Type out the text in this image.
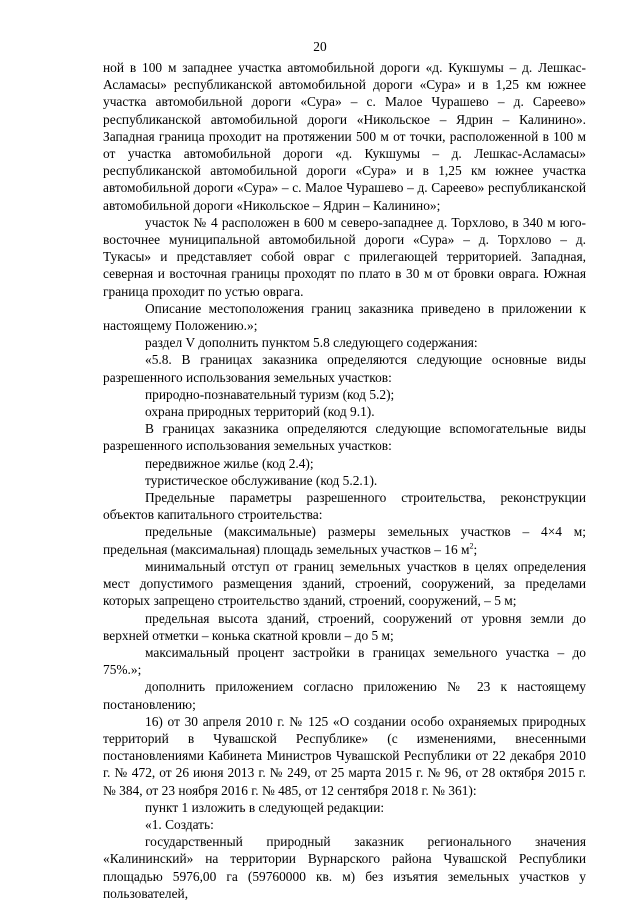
20

ной в 100 м западнее участка автомобильной дороги «д. Кукшумы – д. Лешкас-Асламасы» республиканской автомобильной дороги «Сура» и в 1,25 км южнее участка автомобильной дороги «Сура» – с. Малое Чурашево – д. Сареево» республиканской автомобильной дороги «Никольское – Ядрин – Калинино». Западная граница проходит на протяжении 500 м от точки, расположенной в 100 м от участка автомобильной дороги «д. Кукшумы – д. Лешкас-Асламасы» республиканской автомобильной дороги «Сура» и в 1,25 км южнее участка автомобильной дороги «Сура» – с. Малое Чурашево – д. Сареево» республиканской автомобильной дороги «Никольское – Ядрин – Калинино»;

участок № 4 расположен в 600 м северо-западнее д. Торхлово, в 340 м юго-восточнее муниципальной автомобильной дороги «Сура» – д. Торхлово – д. Тукасы» и представляет собой овраг с прилегающей территорией. Западная, северная и восточная границы проходят по плато в 30 м от бровки оврага. Южная граница проходит по устью оврага.

Описание местоположения границ заказника приведено в приложении к настоящему Положению.»;

раздел V дополнить пунктом 5.8 следующего содержания:

«5.8. В границах заказника определяются следующие основные виды разрешенного использования земельных участков:

природно-познавательный туризм (код 5.2);

охрана природных территорий (код 9.1).

В границах заказника определяются следующие вспомогательные виды разрешенного использования земельных участков:

передвижное жилье (код 2.4);

туристическое обслуживание (код 5.2.1).

Предельные параметры разрешенного строительства, реконструкции объектов капитального строительства:

предельные (максимальные) размеры земельных участков – 4×4 м; предельная (максимальная) площадь земельных участков – 16 $м^2$;

минимальный отступ от границ земельных участков в целях определения мест допустимого размещения зданий, строений, сооружений, за пределами которых запрещено строительство зданий, строений, сооружений, – 5 м;

предельная высота зданий, строений, сооружений от уровня земли до верхней отметки – конька скатной кровли – до 5 м;

максимальный процент застройки в границах земельного участка – до 75%.»;

дополнить приложением согласно приложению № 23 к настоящему постановлению;

16) от 30 апреля 2010 г. № 125 «О создании особо охраняемых природных территорий в Чувашской Республике» (с изменениями, внесенными постановлениями Кабинета Министров Чувашской Республики от 22 декабря 2010 г. № 472, от 26 июня 2013 г. № 249, от 25 марта 2015 г. № 96, от 28 октября 2015 г. № 384, от 23 ноября 2016 г. № 485, от 12 сентября 2018 г. № 361):

пункт 1 изложить в следующей редакции:

«1. Создать:

государственный природный заказник регионального значения «Калининский» на территории Вурнарского района Чувашской Республики площадью 5976,00 га (59760000 кв. м) без изъятия земельных участков у пользователей,
